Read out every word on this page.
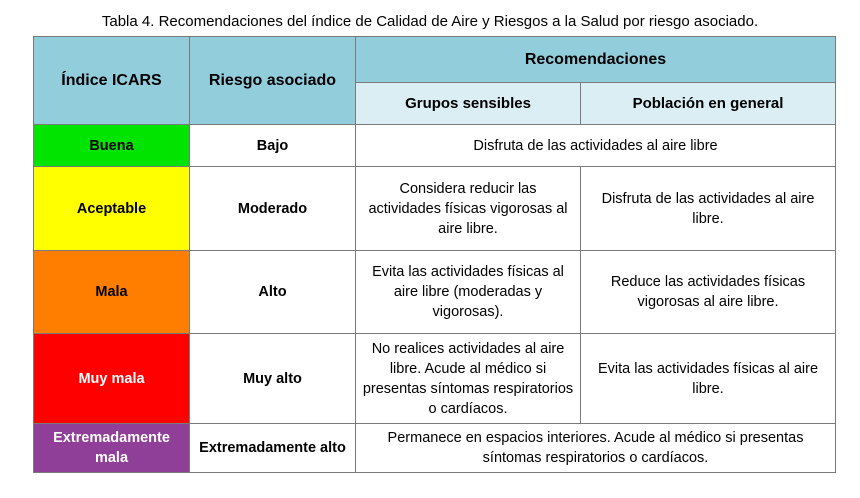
Tabla 4. Recomendaciones del índice de Calidad de Aire y Riesgos a la Salud por riesgo asociado.
Índice ICARS	Riesgo asociado	Recomendaciones	
		Grupos sensibles	Población en general
Buena	Bajo	Disfruta de las actividades al aire libre	
Aceptable	Moderado	Considera reducir las actividades físicas vigorosas al aire libre.	Disfruta de las actividades al aire libre.
Mala	Alto	Evita las actividades físicas al aire libre (moderadas y vigorosas).	Reduce las actividades físicas vigorosas al aire libre.
Muy mala	Muy alto	No realices actividades al aire libre. Acude al médico si presentas síntomas respiratorios o cardíacos.	Evita las actividades físicas al aire libre.
Extremadamente mala	Extremadamente alto	Permanece en espacios interiores. Acude al médico si presentas síntomas respiratorios o cardíacos.	
